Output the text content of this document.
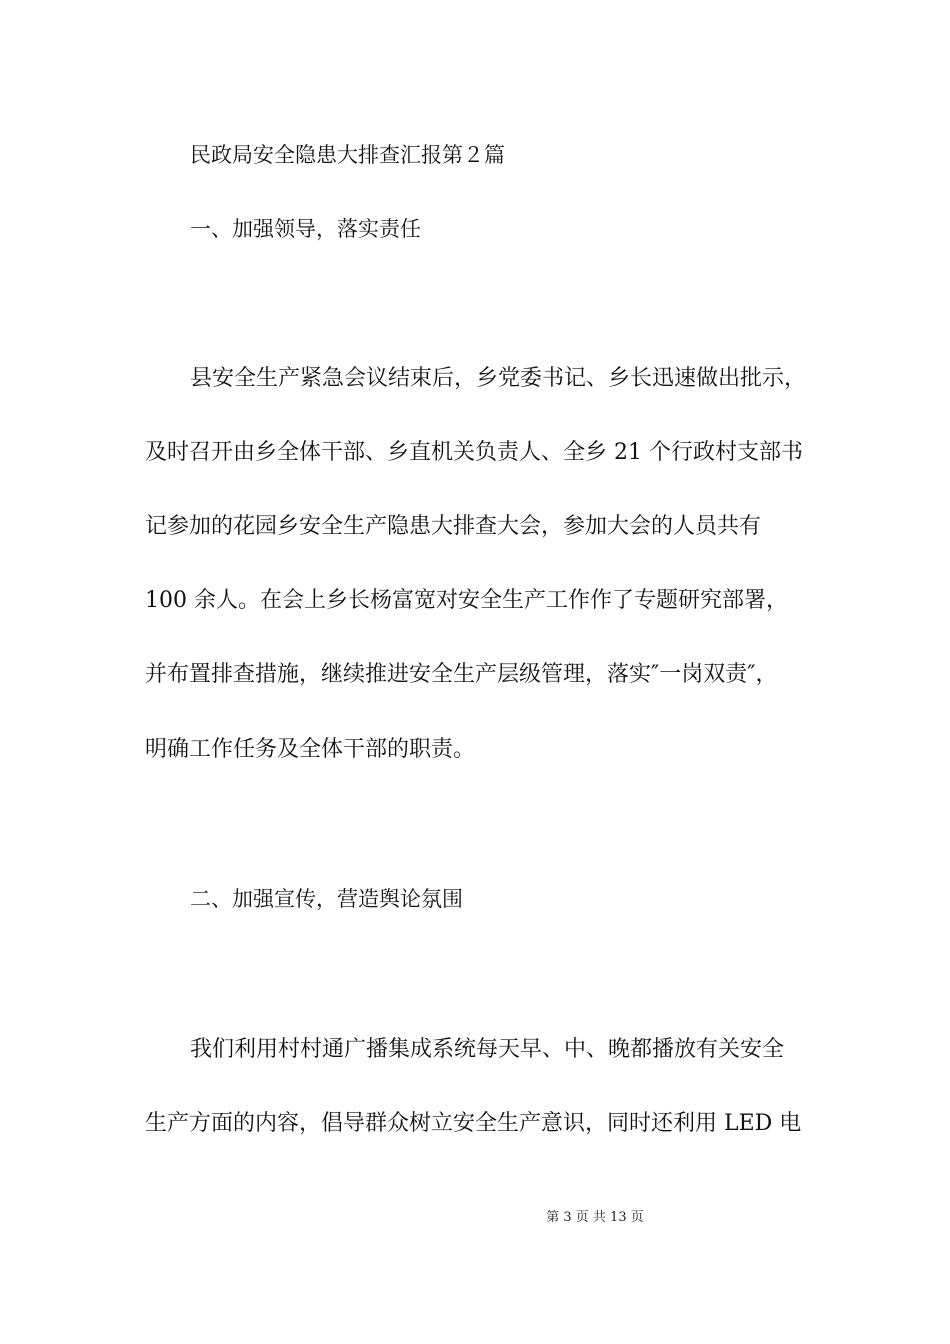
民政局安全隐患大排查汇报第２篇
一、加强领导，落实责任
县安全生产紧急会议结束后，乡党委书记、乡长迅速做出批示，
及时召开由乡全体干部、乡直机关负责人、全乡 21 个行政村支部书
记参加的花园乡安全生产隐患大排查大会，参加大会的人员共有
100 余人。在会上乡长杨富宽对安全生产工作作了专题研究部署，
并布置排查措施，继续推进安全生产层级管理，落实″一岗双责″，
明确工作任务及全体干部的职责。
二、加强宣传，营造舆论氛围
我们利用村村通广播集成系统每天早、中、晚都播放有关安全
生产方面的内容，倡导群众树立安全生产意识，同时还利用 LED 电
第 3 页 共 13 页
